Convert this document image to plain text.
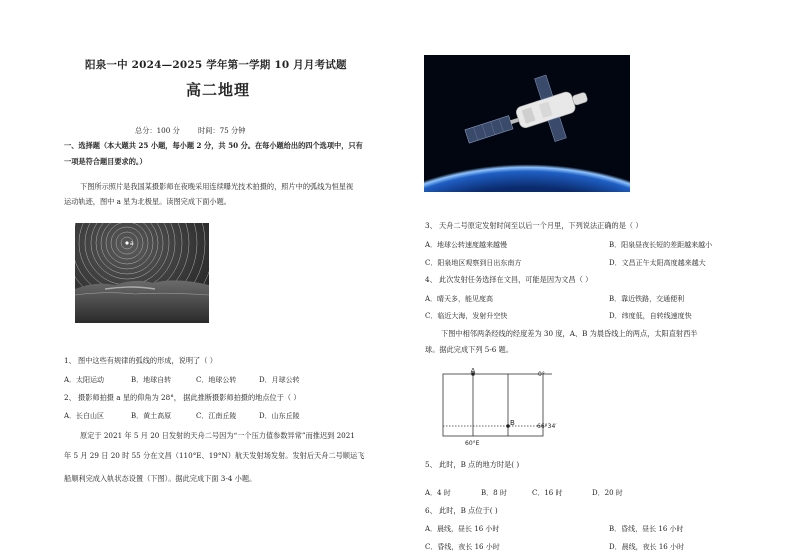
阳泉一中 2024—2025 学年第一学期 10 月月考试题
高二地理
总分：100 分        时间：75 分钟
一、选择题（本大题共 25 小题，每小题 2 分，共 50 分。在每小题给出的四个选项中，只有
一项是符合题目要求的。）
下图所示照片是我国某摄影师在夜晚采用连续曝光技术拍摄的，照片中的弧线为恒星视
运动轨迹，图中 a 星为北极星。读图完成下面小题。
a
1、 图中这些有规律的弧线的形成，说明了（ ）
A．太阳运动	B．地球自转	C．地球公转	D．月球公转
2、 摄影师拍摄 a 星的仰角为 28°， 据此推断摄影师拍摄的地点位于（ ）
A．长白山区	B．黄土高原	C．江南丘陵	D．山东丘陵
原定于 2021 年 5 月 20 日发射的天舟二号因为“一个压力值参数异常”而推迟到 2021
年 5 月 29 日 20 时 55 分在文昌（110°E、19°N）航天发射场发射。发射后天舟二号顺运飞
船顺利完成入轨状态设置（下图）。据此完成下面 3-4 小题。
3、 天舟二号原定发射时间至以后一个月里，下列说法正确的是（ ）
A．地球公转速度越来越慢	B．阳泉昼夜长短的差距越来越小
C．阳泉地区观察到日出东南方	D．文昌正午太阳高度越来越大
4、 此次发射任务选择在文昌，可能是因为文昌（ ）
A．晴天多，能见度高	B．靠近铁路，交通便利
C．临近大海，发射升空快	D．纬度低，自转线速度快
下图中相邻两条经线的经度差为 30 度，A、B 为晨昏线上的两点，太阳直射西半
球。据此完成下列 5-6 题。
A
B
0°
66°34′
60°E
5、 此时，B 点的地方时是( )
A．4 时	B．8 时	C．16 时	D．20 时
6、 此时，B 点位于( )
A．晨线，昼长 16 小时	B．昏线，昼长 16 小时
C．昏线，夜长 16 小时	D．晨线，夜长 16 小时
